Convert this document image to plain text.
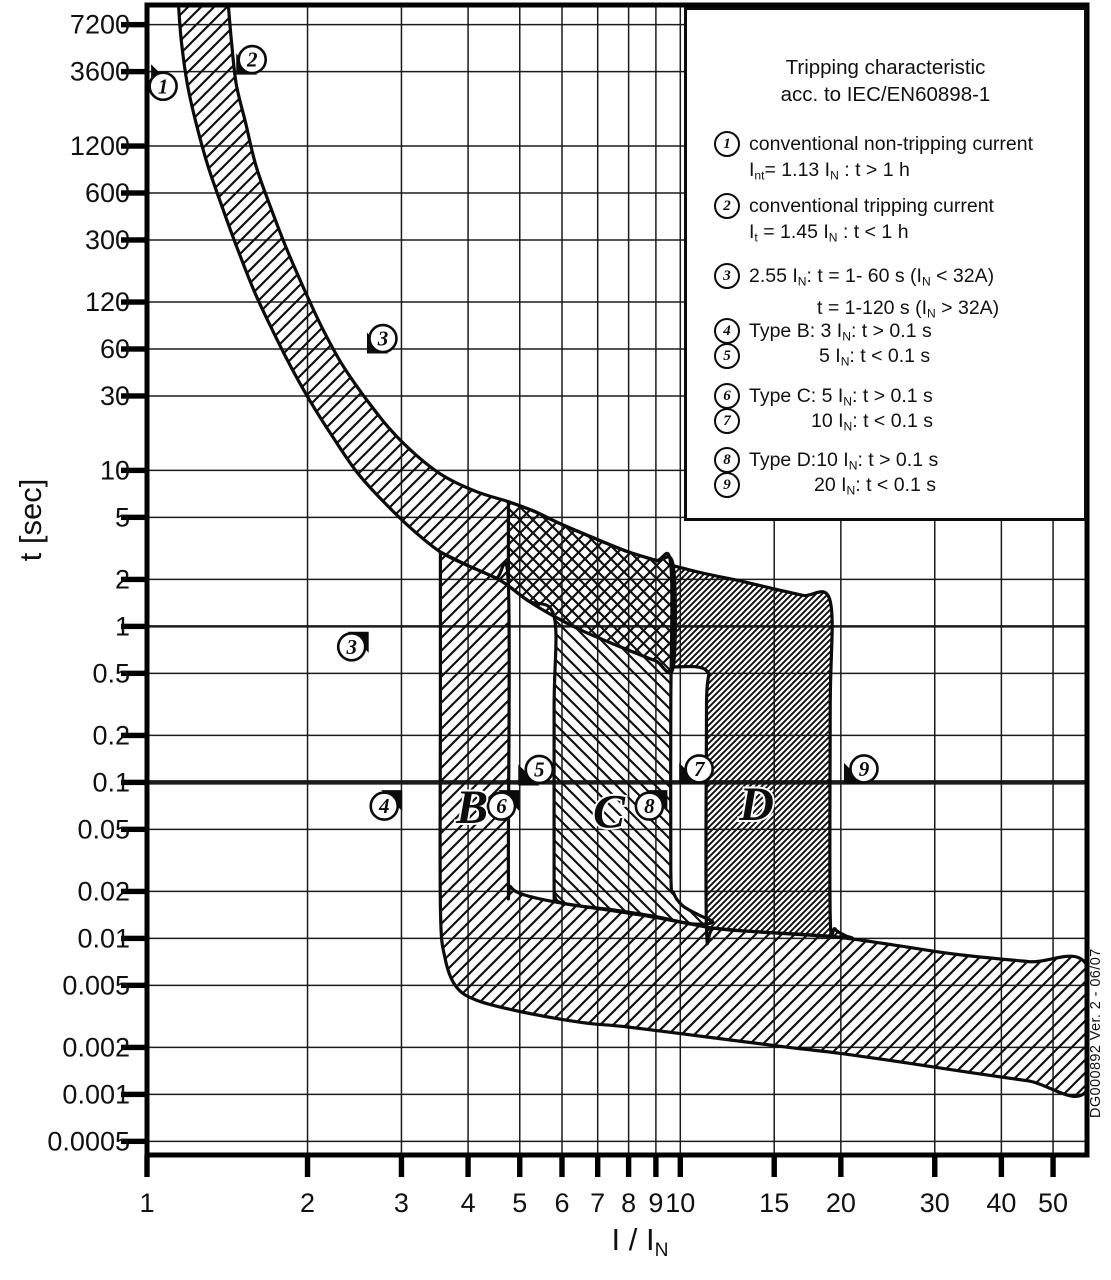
1	2	3 4 5 6 7 8 9 10 15 20 30 40 50
7200
3600
1200
600
300
120
60
30
10
5
2
1
0.5
0.2
0.1
0.05
0.02
0.01
0.005
0.002
0.001
0.0005
1
2
3
3
4
5
6
7
8
9
B C D
Tripping characteristic
acc. to IEC/EN60898-1
1 conventional non-tripping current
$I_{nt}= 1.13$ $I_N$ : t > 1 h
2 conventional tripping current
$I_t = 1.45$ $I_N$ : t < 1 h
3 2.55 $I_N$: t = 1- 60 s $(I_N < 32A)$
t = 1-120 s $(I_N > 32A)$
4 Type B: 3 $I_N$: t > 0.1 s
5	5 $I_N$: t < 0.1 s
6 Type C: 5 $I_N$: t > 0.1 s
7	10 $I_N$: t < 0.1 s
8 Type D:10 $I_N$: t > 0.1 s
9	20 $I_N$: t < 0.1 s
t [sec]
I / $I_N$
DG000892 Ver. 2 - 06/07
